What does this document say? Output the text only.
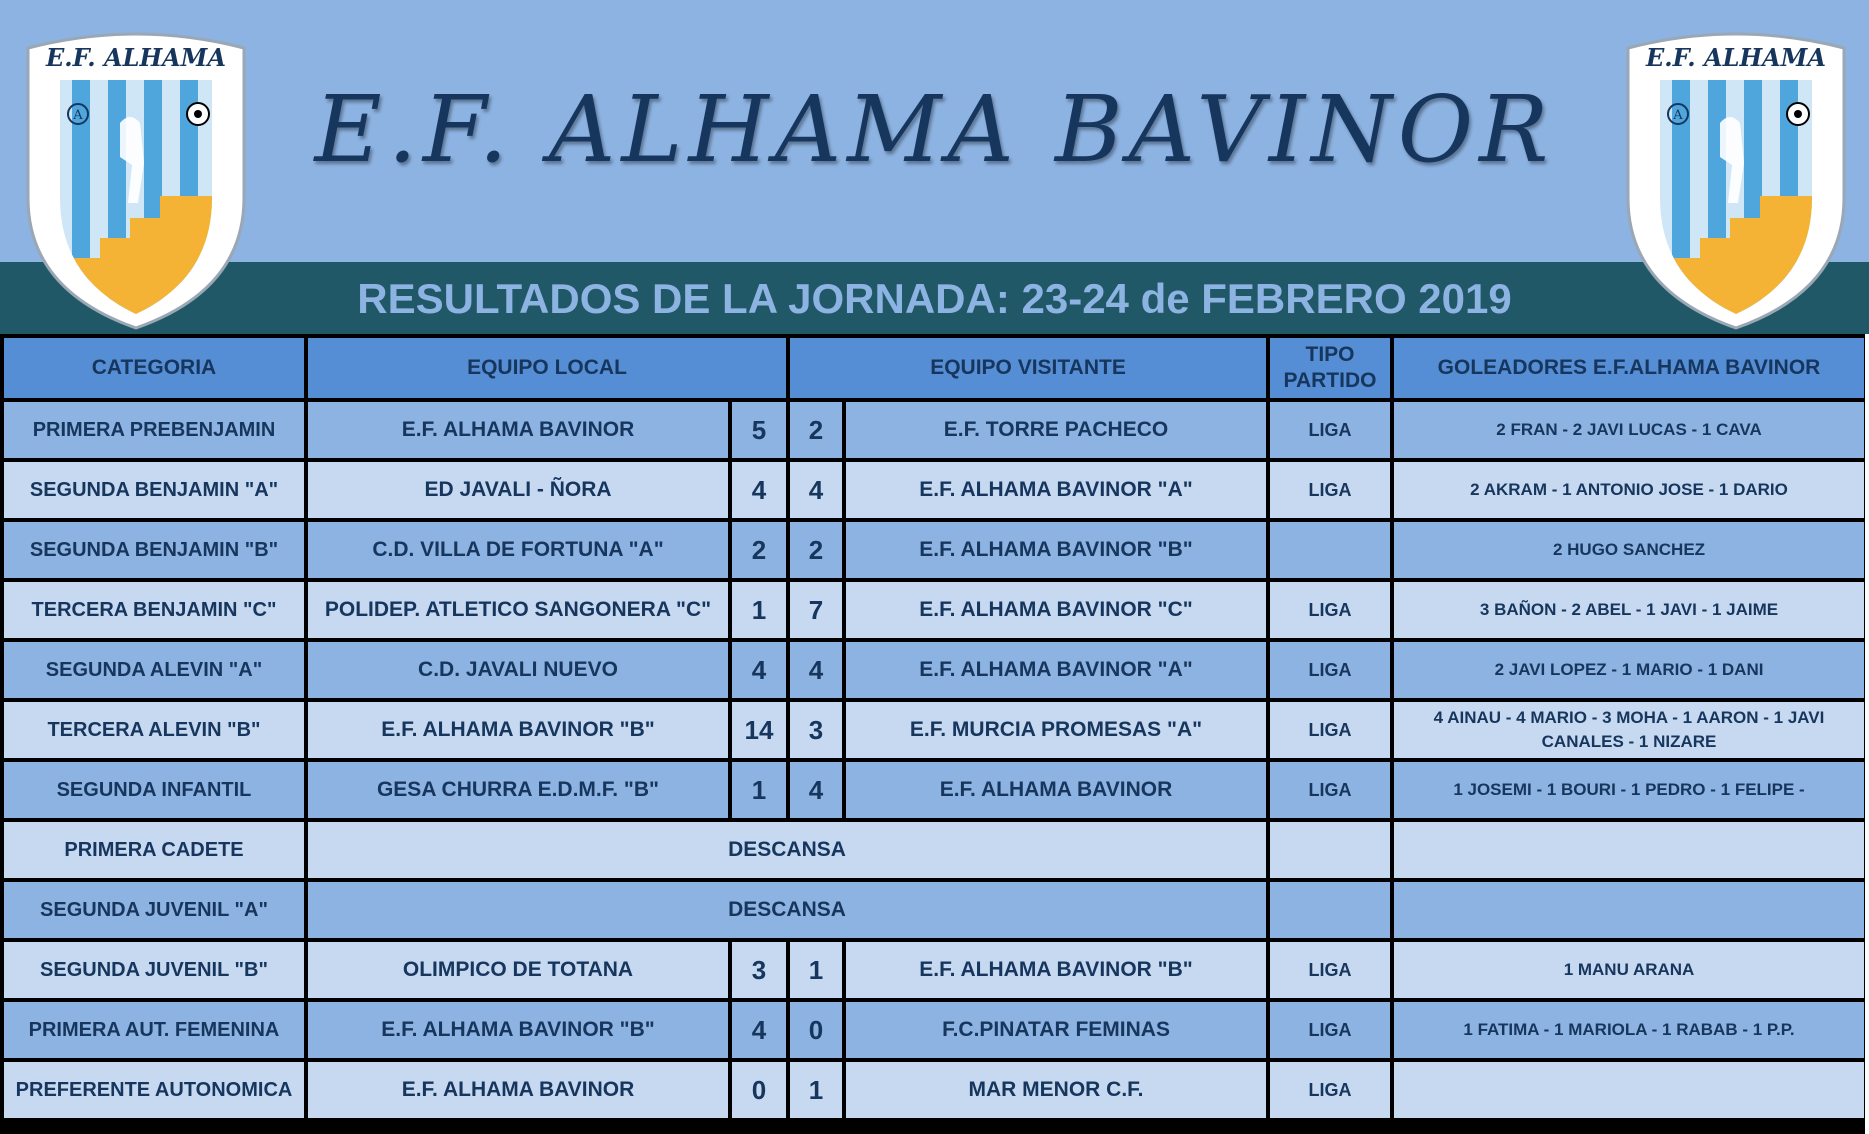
A
E.F. ALHAMA
A
E.F. ALHAMA
E.F. ALHAMA BAVINOR
RESULTADOS DE LA JORNADA: 23-24 de FEBRERO 2019
CATEGORIA	EQUIPO LOCAL		EQUIPO VISITANTE		TIPO PARTIDO	GOLEADORES E.F.ALHAMA BAVINOR
PRIMERA PREBENJAMIN	E.F. ALHAMA BAVINOR	5	2	E.F. TORRE PACHECO	LIGA	2 FRAN - 2 JAVI LUCAS - 1 CAVA
SEGUNDA BENJAMIN "A"	ED JAVALI - ÑORA	4	4	E.F. ALHAMA BAVINOR "A"	LIGA	2 AKRAM - 1 ANTONIO JOSE - 1 DARIO
SEGUNDA BENJAMIN "B"	C.D. VILLA DE FORTUNA "A"	2	2	E.F. ALHAMA BAVINOR "B"		2 HUGO SANCHEZ
TERCERA BENJAMIN "C"	POLIDEP. ATLETICO SANGONERA "C"	1	7	E.F. ALHAMA BAVINOR "C"	LIGA	3 BAÑON - 2 ABEL - 1 JAVI - 1 JAIME
SEGUNDA ALEVIN "A"	C.D. JAVALI NUEVO	4	4	E.F. ALHAMA BAVINOR "A"	LIGA	2 JAVI LOPEZ - 1 MARIO - 1 DANI
TERCERA ALEVIN "B"	E.F. ALHAMA BAVINOR "B"	14	3	E.F. MURCIA PROMESAS "A"	LIGA	4 AINAU - 4 MARIO - 3 MOHA - 1 AARON - 1 JAVI CANALES - 1 NIZARE
SEGUNDA INFANTIL	GESA CHURRA E.D.M.F. "B"	1	4	E.F. ALHAMA BAVINOR	LIGA	1 JOSEMI - 1 BOURI - 1 PEDRO - 1 FELIPE -
PRIMERA CADETE	DESCANSA					
SEGUNDA JUVENIL "A"	DESCANSA					
SEGUNDA JUVENIL "B"	OLIMPICO DE TOTANA	3	1	E.F. ALHAMA BAVINOR "B"	LIGA	1 MANU ARANA
PRIMERA AUT. FEMENINA	E.F. ALHAMA BAVINOR "B"	4	0	F.C.PINATAR FEMINAS	LIGA	1 FATIMA - 1 MARIOLA - 1 RABAB - 1 P.P.
PREFERENTE AUTONOMICA	E.F. ALHAMA BAVINOR	0	1	MAR MENOR C.F.	LIGA	
